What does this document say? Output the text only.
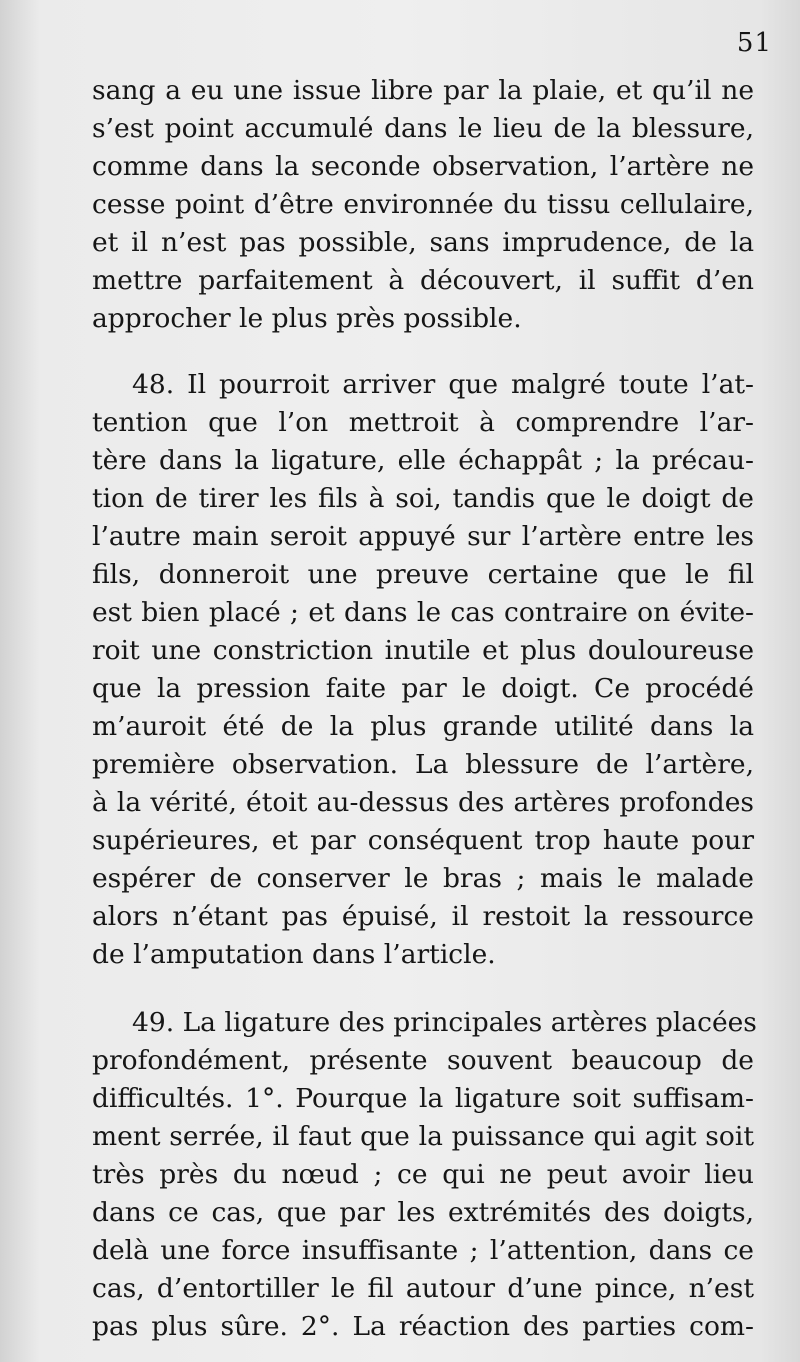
51
sang a eu une issue libre par la plaie, et qu’il ne
s’est point accumulé dans le lieu de la blessure,
comme dans la seconde observation, l’artère ne
cesse point d’être environnée du tissu cellulaire,
et il n’est pas possible, sans imprudence, de la
mettre parfaitement à découvert, il suffit d’en
approcher le plus près possible.
48. Il pourroit arriver que malgré toute l’at-
tention que l’on mettroit à comprendre l’ar-
tère dans la ligature, elle échappât ; la précau-
tion de tirer les fils à soi, tandis que le doigt de
l’autre main seroit appuyé sur l’artère entre les
fils, donneroit une preuve certaine que le fil
est bien placé ; et dans le cas contraire on évite-
roit une constriction inutile et plus douloureuse
que la pression faite par le doigt. Ce procédé
m’auroit été de la plus grande utilité dans la
première observation. La blessure de l’artère,
à la vérité, étoit au-dessus des artères profondes
supérieures, et par conséquent trop haute pour
espérer de conserver le bras ; mais le malade
alors n’étant pas épuisé, il restoit la ressource
de l’amputation dans l’article.
49. La ligature des principales artères placées
profondément, présente souvent beaucoup de
difficultés. 1°. Pourque la ligature soit suffisam-
ment serrée, il faut que la puissance qui agit soit
très près du nœud ; ce qui ne peut avoir lieu
dans ce cas, que par les extrémités des doigts,
delà une force insuffisante ; l’attention, dans ce
cas, d’entortiller le fil autour d’une pince, n’est
pas plus sûre. 2°. La réaction des parties com-
